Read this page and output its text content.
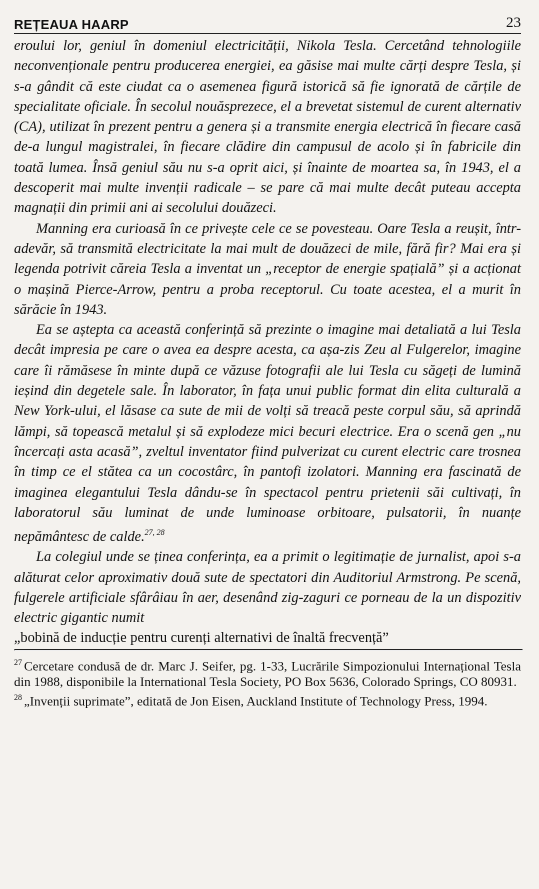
REȚEAUA HAARP	23

eroului lor, geniul în domeniul electricității, Nikola Tesla. Cercetând tehnologiile neconvenționale pentru producerea energiei, ea găsise mai multe cărți despre Tesla, și s-a gândit că este ciudat ca o asemenea figură istorică să fie ignorată de cărțile de specialitate oficiale. În secolul nouăsprezece, el a brevetat sistemul de curent alternativ (CA), utilizat în prezent pentru a genera și a transmite energia electrică în fiecare casă de-a lungul magistralei, în fiecare clădire din campusul de acolo și în fabricile din toată lumea. Însă geniul său nu s-a oprit aici, și înainte de moartea sa, în 1943, el a descoperit mai multe invenții radicale – se pare că mai multe decât puteau accepta magnații din primii ani ai secolului douăzeci.

Manning era curioasă în ce privește cele ce se povesteau. Oare Tesla a reușit, într-adevăr, să transmită electricitate la mai mult de douăzeci de mile, fără fir? Mai era și legenda potrivit căreia Tesla a inventat un „receptor de energie spațială” și a acționat o mașină Pierce-Arrow, pentru a proba receptorul. Cu toate acestea, el a murit în sărăcie în 1943.

Ea se aștepta ca această conferință să prezinte o imagine mai detaliată a lui Tesla decât impresia pe care o avea ea despre acesta, ca așa-zis Zeu al Fulgerelor, imagine care îi rămăsese în minte după ce văzuse fotografii ale lui Tesla cu săgeți de lumină ieșind din degetele sale. În laborator, în fața unui public format din elita culturală a New York-ului, el lăsase ca sute de mii de volți să treacă peste corpul său, să aprindă lămpi, să topească metalul și să explodeze mici becuri electrice. Era o scenă gen „nu încercați asta acasă”, zveltul inventator fiind pulverizat cu curent electric care trosnea în timp ce el stătea ca un cocostârc, în pantofi izolatori. Manning era fascinată de imaginea elegantului Tesla dându-se în spectacol pentru prietenii săi cultivați, în laboratorul său luminat de unde luminoase orbitoare, pulsatorii, în nuanțe nepământesc de calde.$^{27, 28}$

La colegiul unde se ținea conferința, ea a primit o legitimație de jurnalist, apoi s-a alăturat celor aproximativ două sute de spectatori din Auditoriul Armstrong. Pe scenă, fulgerele artificiale sfârâiau în aer, desenând zig-zaguri ce porneau de la un dispozitiv electric gigantic numit

„bobină de inducție pentru curenți alternativi de înaltă frecvență”

$^{27}$ Cercetare condusă de dr. Marc J. Seifer, pg. 1-33, Lucrările Simpozionului Internațional Tesla din 1988, disponibile la International Tesla Society, PO Box 5636, Colorado Springs, CO 80931.

$^{28}$ „Invenții suprimate”, editată de Jon Eisen, Auckland Institute of Technology Press, 1994.
